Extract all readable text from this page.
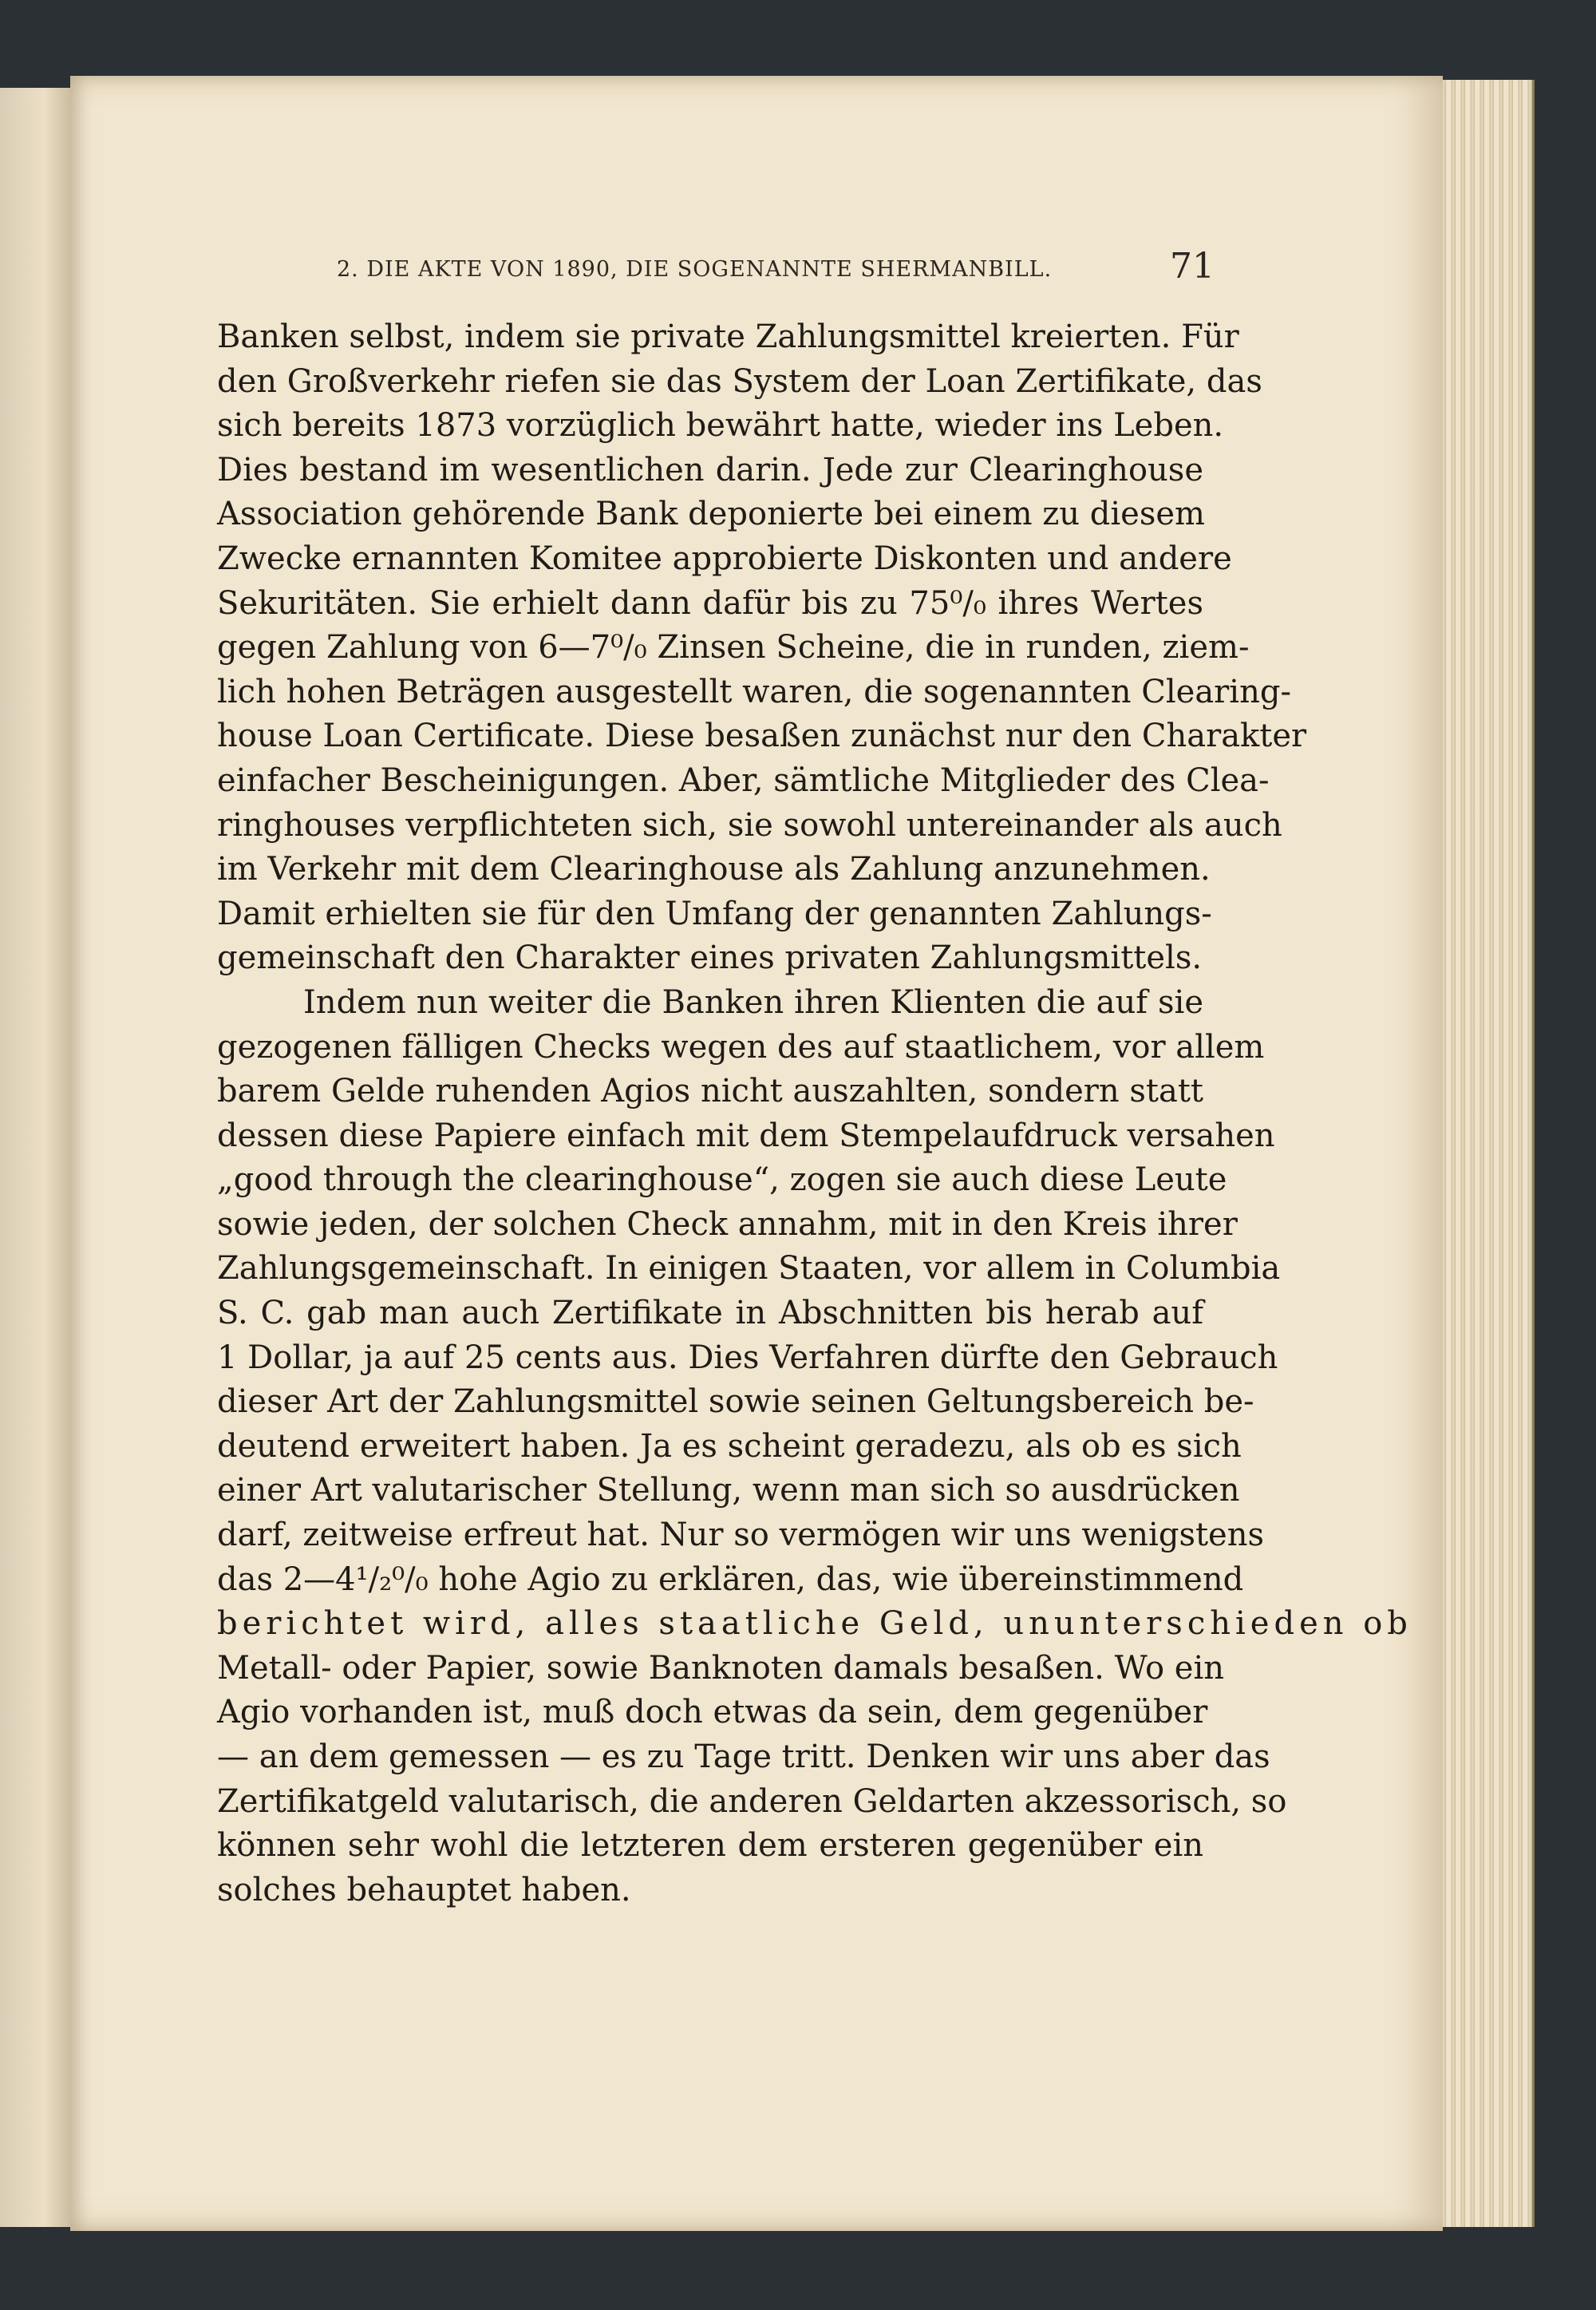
2. DIE AKTE VON 1890, DIE SOGENANNTE SHERMANBILL.	71
Banken selbst, indem sie private Zahlungsmittel kreierten. Für
den Großverkehr riefen sie das System der Loan Zertifikate, das
sich bereits 1873 vorzüglich bewährt hatte, wieder ins Leben.
Dies bestand im wesentlichen darin. Jede zur Clearinghouse
Association gehörende Bank deponierte bei einem zu diesem
Zwecke ernannten Komitee approbierte Diskonten und andere
Sekuritäten. Sie erhielt dann dafür bis zu 75⁰/₀ ihres Wertes
gegen Zahlung von 6—7⁰/₀ Zinsen Scheine, die in runden, ziem-
lich hohen Beträgen ausgestellt waren, die sogenannten Clearing-
house Loan Certificate. Diese besaßen zunächst nur den Charakter
einfacher Bescheinigungen. Aber, sämtliche Mitglieder des Clea-
ringhouses verpflichteten sich, sie sowohl untereinander als auch
im Verkehr mit dem Clearinghouse als Zahlung anzunehmen.
Damit erhielten sie für den Umfang der genannten Zahlungs-
gemeinschaft den Charakter eines privaten Zahlungsmittels.
Indem nun weiter die Banken ihren Klienten die auf sie
gezogenen fälligen Checks wegen des auf staatlichem, vor allem
barem Gelde ruhenden Agios nicht auszahlten, sondern statt
dessen diese Papiere einfach mit dem Stempelaufdruck versahen
„good through the clearinghouse“, zogen sie auch diese Leute
sowie jeden, der solchen Check annahm, mit in den Kreis ihrer
Zahlungsgemeinschaft. In einigen Staaten, vor allem in Columbia
S. C. gab man auch Zertifikate in Abschnitten bis herab auf
1 Dollar, ja auf 25 cents aus. Dies Verfahren dürfte den Gebrauch
dieser Art der Zahlungsmittel sowie seinen Geltungsbereich be-
deutend erweitert haben. Ja es scheint geradezu, als ob es sich
einer Art valutarischer Stellung, wenn man sich so ausdrücken
darf, zeitweise erfreut hat. Nur so vermögen wir uns wenigstens
das 2—4¹/₂⁰/₀ hohe Agio zu erklären, das, wie übereinstimmend
berichtet wird, alles staatliche Geld, ununterschieden ob
Metall- oder Papier, sowie Banknoten damals besaßen. Wo ein
Agio vorhanden ist, muß doch etwas da sein, dem gegenüber
— an dem gemessen — es zu Tage tritt. Denken wir uns aber das
Zertifikatgeld valutarisch, die anderen Geldarten akzessorisch, so
können sehr wohl die letzteren dem ersteren gegenüber ein
solches behauptet haben.
